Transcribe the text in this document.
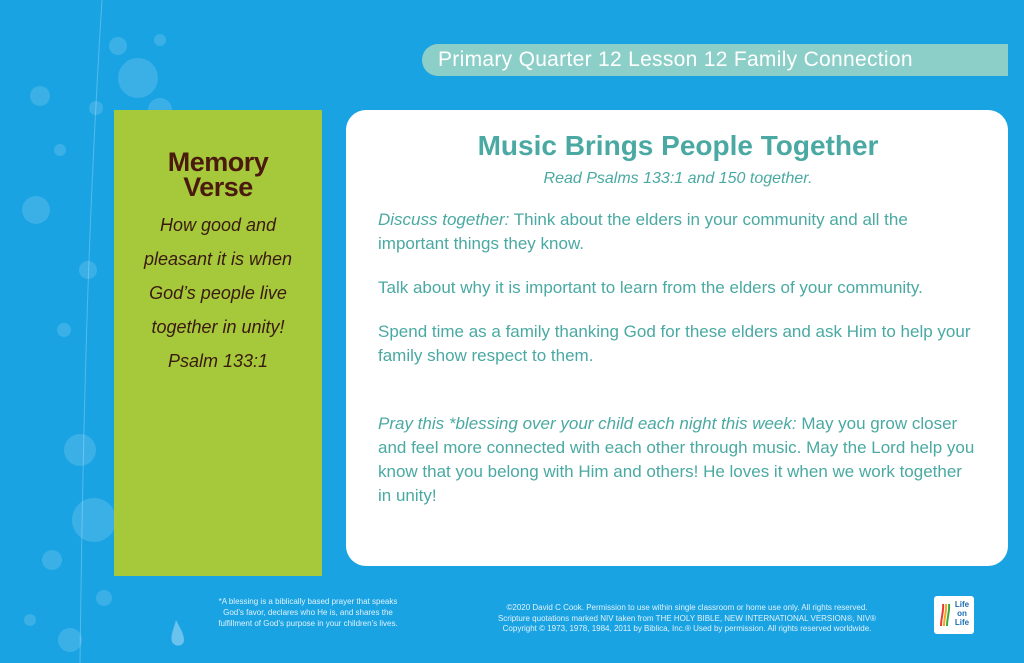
Primary Quarter 12 Lesson 12 Family Connection
Memory
Verse
How good and
pleasant it is when
God’s people live
together in unity!
Psalm 133:1
Music Brings People Together
Read Psalms 133:1 and 150 together.
Discuss together: Think about the elders in your community and all the important things they know.
Talk about why it is important to learn from the elders of your community.
Spend time as a family thanking God for these elders and ask Him to help your family show respect to them.
Pray this *blessing over your child each night this week: May you grow closer and feel more connected with each other through music. May the Lord help you know that you belong with Him and others! He loves it when we work together in unity!
*A blessing is a biblically based prayer that speaks
God’s favor, declares who He is, and shares the
fulfillment of God’s purpose in your children’s lives.
©2020 David C Cook. Permission to use within single classroom or home use only. All rights reserved.
Scripture quotations marked NIV taken from THE HOLY BIBLE, NEW INTERNATIONAL VERSION®, NIV®
Copyright © 1973, 1978, 1984, 2011 by Biblica, Inc.® Used by permission. All rights reserved worldwide.
Life
on
Life
